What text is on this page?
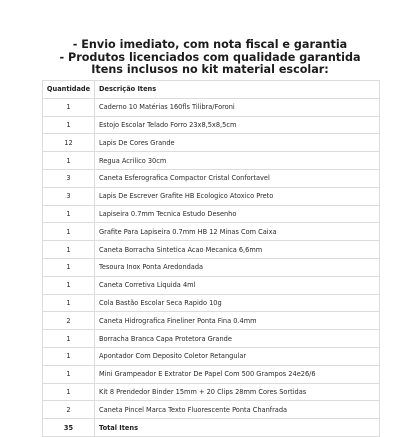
- Envio imediato, com nota fiscal e garantia
- Produtos licenciados com qualidade garantida
Itens inclusos no kit material escolar:
Quantidade	Descrição Itens
1	Caderno 10 Matérias 160fls Tilibra/Foroni
1	Estojo Escolar Telado Forro 23x8,5x8,5cm
12	Lapis De Cores Grande
1	Regua Acrilico 30cm
3	Caneta Esferografica Compactor Cristal Confortavel
3	Lapis De Escrever Grafite HB Ecologico Atoxico Preto
1	Lapiseira 0.7mm Tecnica Estudo Desenho
1	Grafite Para Lapiseira 0.7mm HB 12 Minas Com Caixa
1	Caneta Borracha Sintetica Acao Mecanica 6,6mm
1	Tesoura Inox Ponta Aredondada
1	Caneta Corretiva Liquida 4ml
1	Cola Bastão Escolar Seca Rapido 10g
2	Caneta Hidrografica Fineliner Ponta Fina 0.4mm
1	Borracha Branca Capa Protetora Grande
1	Apontador Com Deposito Coletor Retangular
1	Mini Grampeador E Extrator De Papel Com 500 Grampos 24e26/6
1	Kit 8 Prendedor Binder 15mm + 20 Clips 28mm Cores Sortidas
2	Caneta Pincel Marca Texto Fluorescente Ponta Chanfrada
35	Total Itens
